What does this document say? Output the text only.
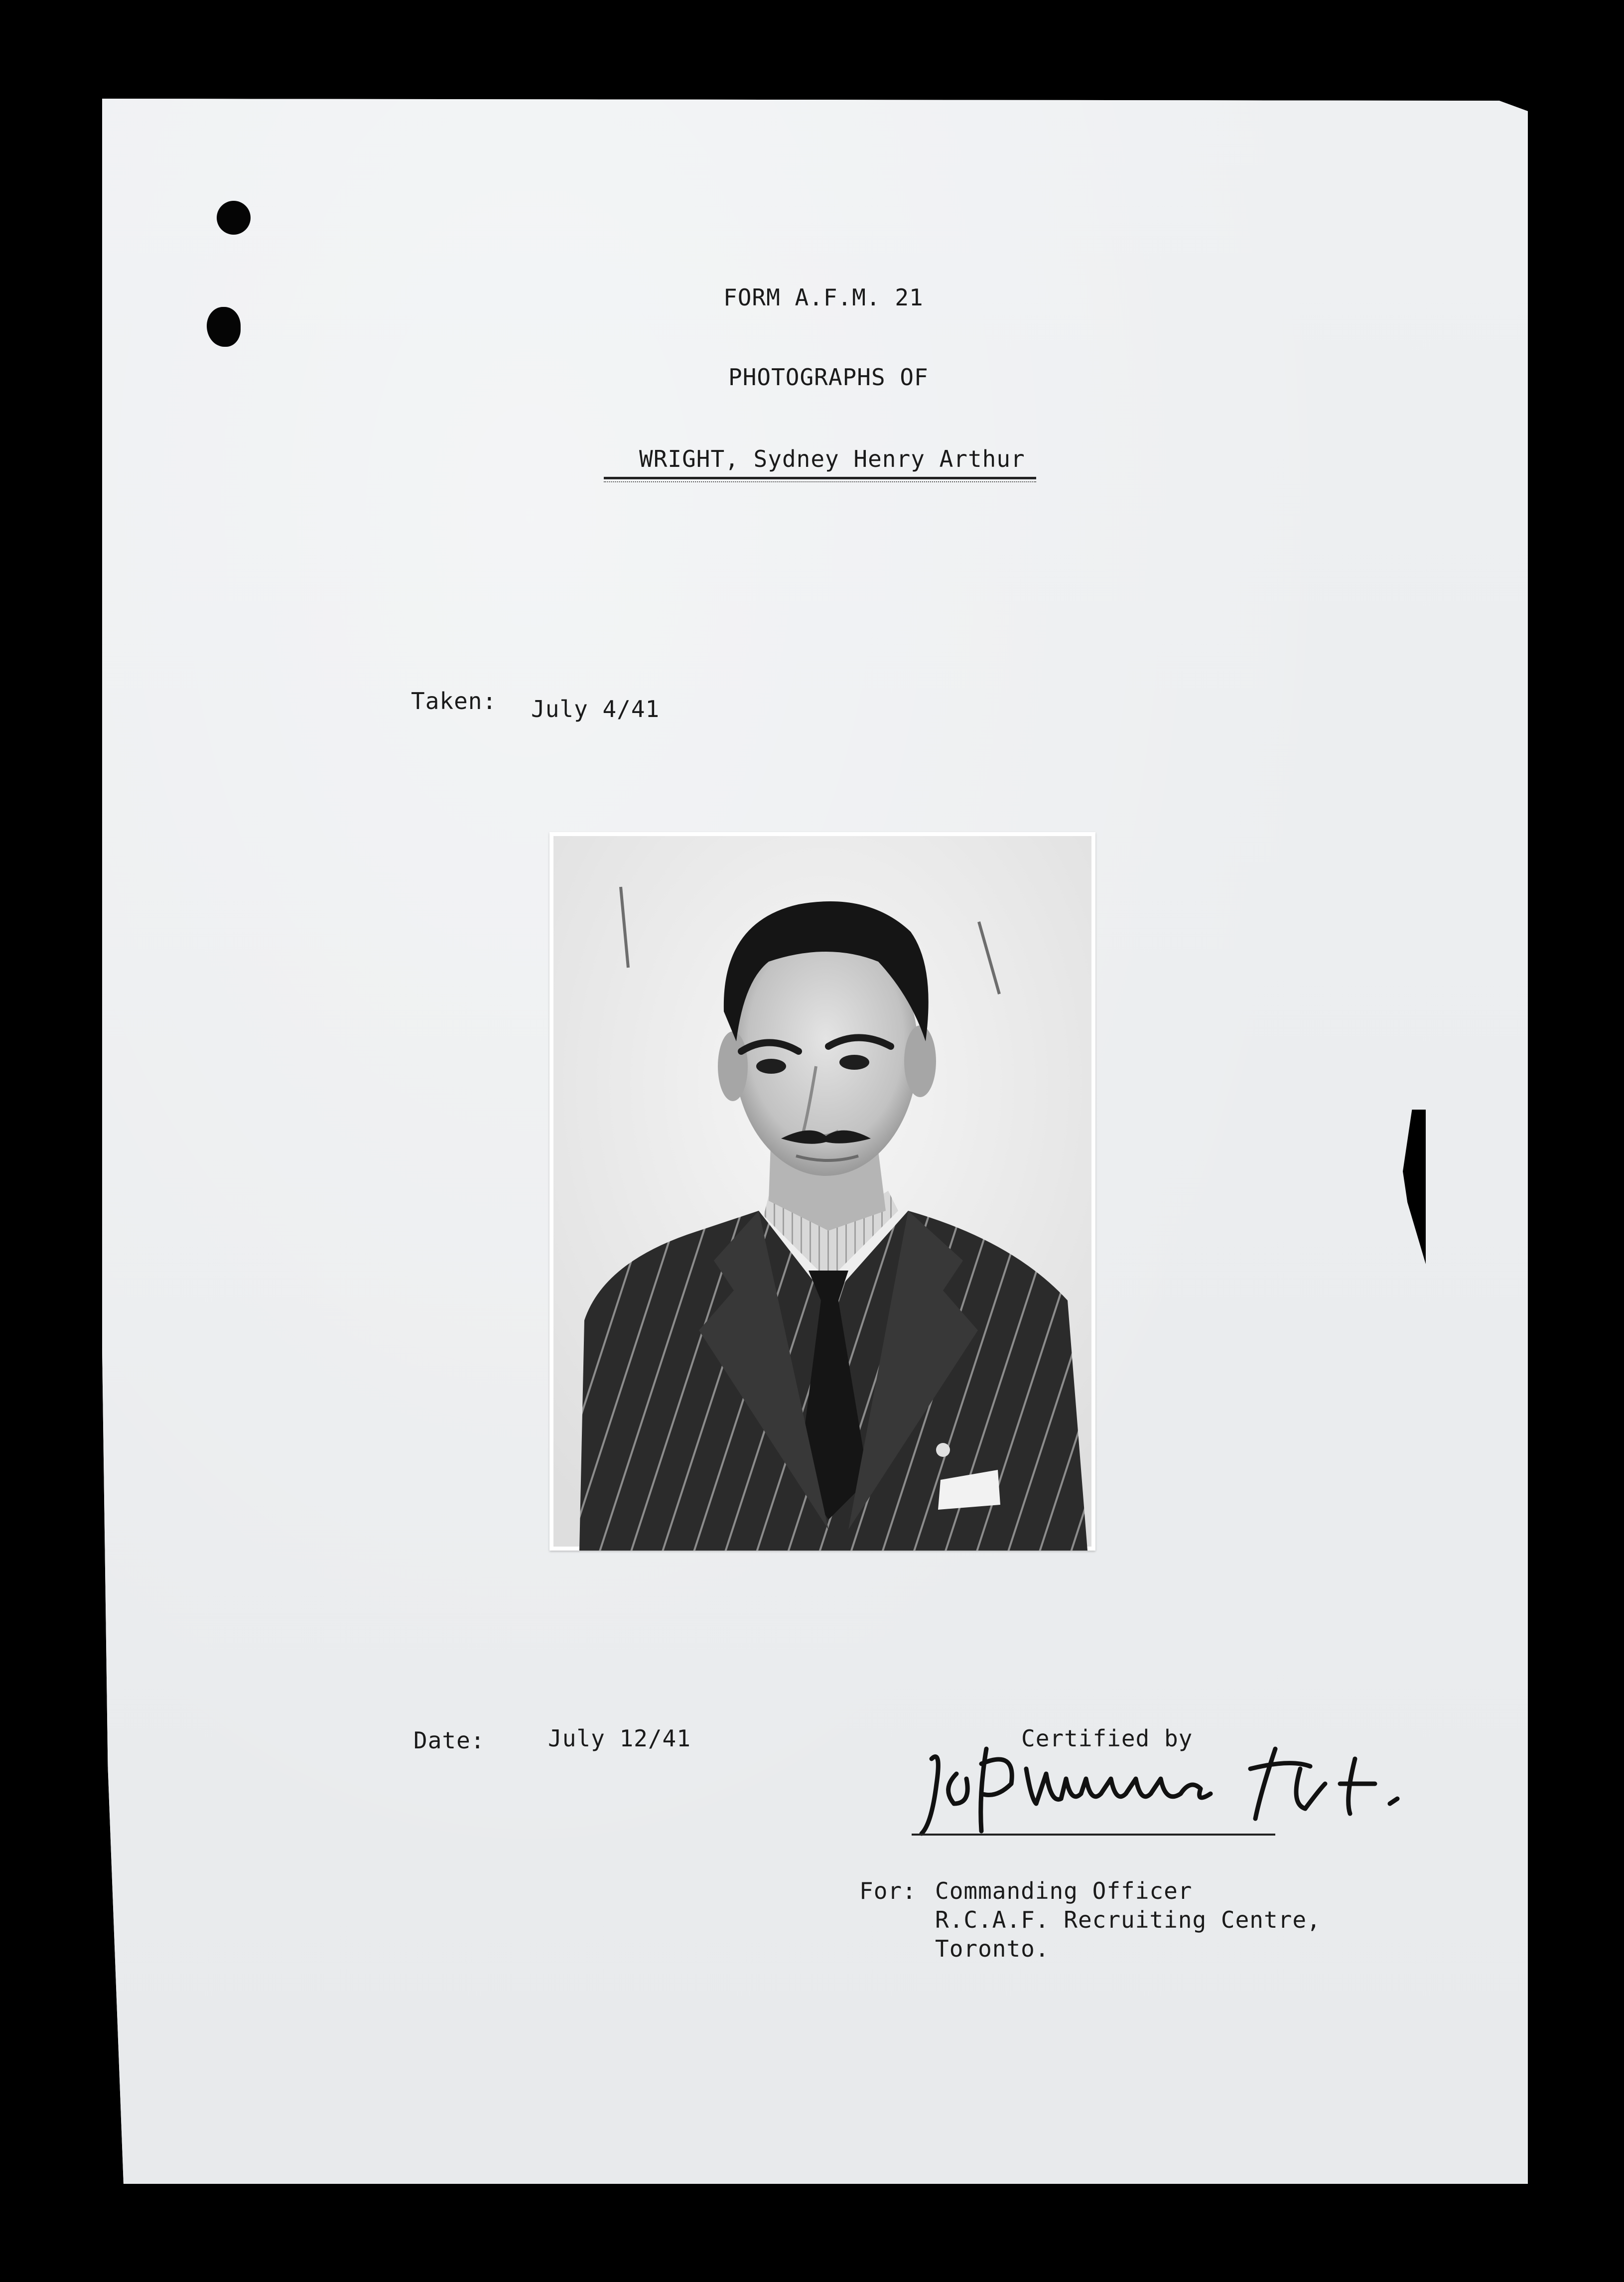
FORM A.F.M. 21
PHOTOGRAPHS OF
WRIGHT, Sydney Henry Arthur
Taken: July 4/41
Date:	July 12/41	Certified by
For: Commanding Officer
R.C.A.F. Recruiting Centre,
Toronto.
